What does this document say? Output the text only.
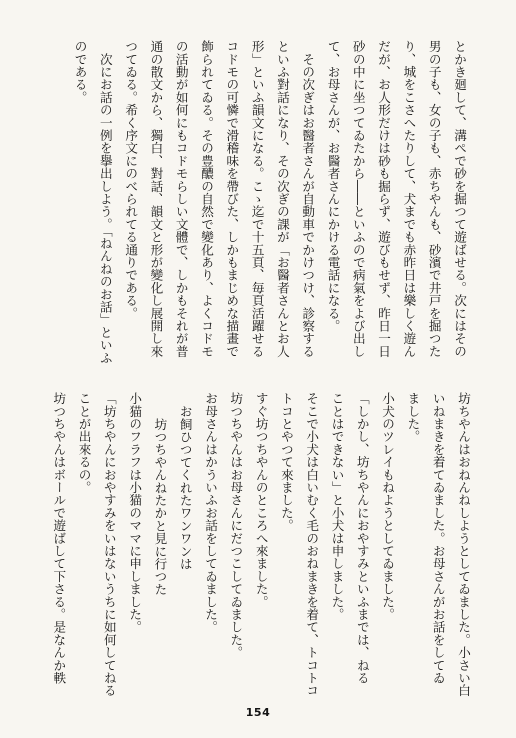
とかき廻して、溝ぺで砂を掘つて遊ばせる。次にはその
男の子も、女の子も、赤ちやんも、砂濱で井戸を掘つた
り、城をこさへたりして、犬までも赤昨日は樂しく遊ん
だが、お人形だけは砂も掘らず、遊びもせず、昨日一日
砂の中に坐つてゐたから――といふので病氣をよび出し
て、お母さんが、お醫者さんにかける電話になる。
　その次ぎはお醫者さんが自動車でかけつけ、診察する
といふ對話になり、その次ぎの課が「お醫者さんとお人
形」といふ韻文になる。こゝ迄で十五頁、毎頁活躍せる
コドモの可憐で滑稽味を帶びた、しかもまじめな描畫で
飾られてゐる。その豊醲の自然で變化あり、よくコドモ
の活動が如何にもコドモらしい文體で、しかもそれが普
通の散文から、獨白、對話、韻文と形が變化し展開し來
つてゐる。希く序文にのべられてる通りである。
　次にお話の一例を擧出しよう。「ねんねのお話」といふ
のである。
坊ちやんはおねんねしようとしてゐました。小さい白
いねまきを着てゐました。お母さんがお話をしてゐ
ました。
小犬のツレイもねようとしてゐました。
「しかし、坊ちやんにおやすみといふまでは、ねる
ことはできない」と小犬は申しました。
そこで小犬は白いむく毛のおねまきを着て、トコトコ
トコとやつて來ました。
すぐ坊つちやんのところへ來ました。
坊つちやんはお母さんにだつこしてゐました。
お母さんはかういふお話をしてゐました。
お飼ひつてくれたワンワンは
　坊つちやんねたかと見に行つた
小猫のフラフは小猫のママに申しました。
「坊ちやんにおやすみをいはないうちに如何してねる
ことが出來るの。
坊つちやんはボールで遊ばして下さる。是なんか軼
154
